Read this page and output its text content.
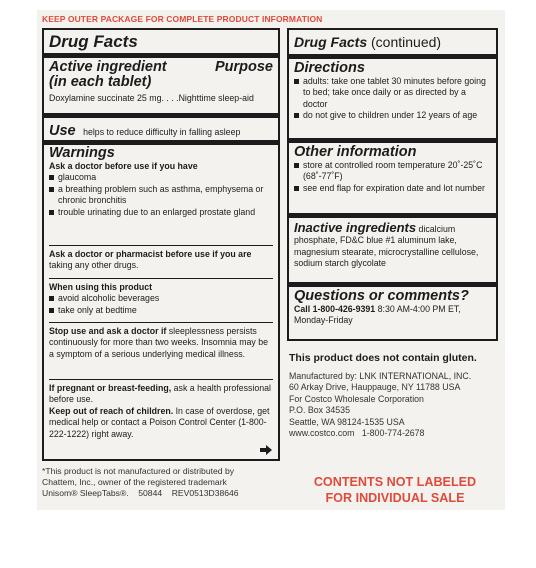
KEEP OUTER PACKAGE FOR COMPLETE PRODUCT INFORMATION
Drug Facts
Active ingredient	Purpose
(in each tablet)
Doxylamine succinate 25 mg. . . .Nighttime sleep-aid
Use helps to reduce difficulty in falling asleep
Warnings
Ask a doctor before use if you have
glaucoma
a breathing problem such as asthma, emphysema or chronic bronchitis
trouble urinating due to an enlarged prostate gland
Ask a doctor or pharmacist before use if you are
taking any other drugs.
When using this product
avoid alcoholic beverages
take only at bedtime
Stop use and ask a doctor if sleeplessness persists continuously for more than two weeks. Insomnia may be a symptom of a serious underlying medical illness.
If pregnant or breast-feeding, ask a health professional before use.
Keep out of reach of children. In case of overdose, get medical help or contact a Poison Control Center (1-800-222-1222) right away.
Drug Facts (continued)
Directions
adults: take one tablet 30 minutes before going to bed; take once daily or as directed by a doctor
do not give to children under 12 years of age
Other information
store at controlled room temperature 20˚-25˚C (68˚-77˚F)
see end flap for expiration date and lot number
Inactive ingredients dicalcium phosphate, FD&C blue #1 aluminum lake, magnesium stearate, microcrystalline cellulose, sodium starch glycolate
Questions or comments?
Call 1-800-426-9391 8:30 AM-4:00 PM ET, Monday-Friday
This product does not contain gluten.
Manufactured by: LNK INTERNATIONAL, INC.
60 Arkay Drive, Hauppauge, NY 11788 USA
For Costco Wholesale Corporation
P.O. Box 34535
Seattle, WA 98124-1535 USA
www.costco.com   1-800-774-2678
*This product is not manufactured or distributed by
Chattem, Inc., owner of the registered trademark
Unisom® SleepTabs®.    50844    REV0513D38646
CONTENTS NOT LABELED
FOR INDIVIDUAL SALE
